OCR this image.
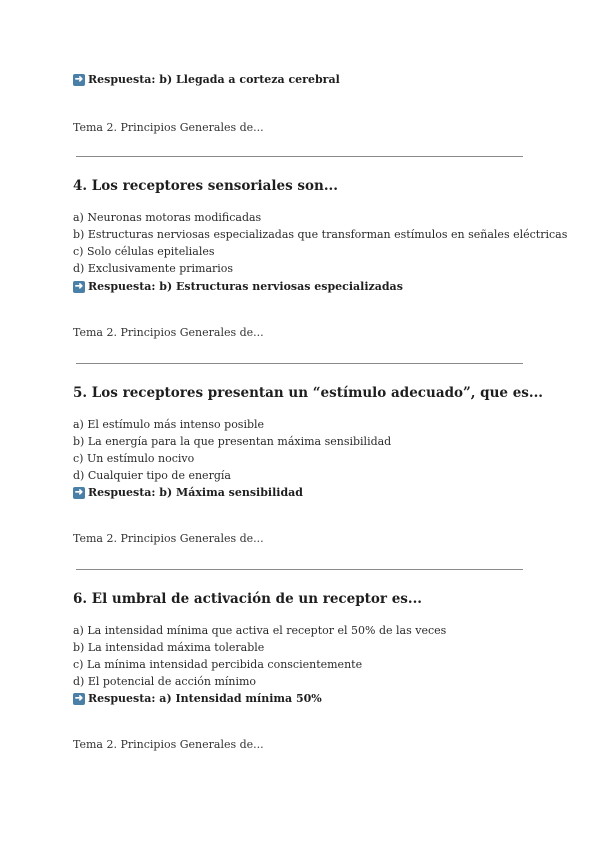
➜ Respuesta: b) Llegada a corteza cerebral
Tema 2. Principios Generales de...
4. Los receptores sensoriales son...
a) Neuronas motoras modificadas
b) Estructuras nerviosas especializadas que transforman estímulos en señales eléctricas
c) Solo células epiteliales
d) Exclusivamente primarios
➜ Respuesta: b) Estructuras nerviosas especializadas
Tema 2. Principios Generales de...
5. Los receptores presentan un “estímulo adecuado”, que es...
a) El estímulo más intenso posible
b) La energía para la que presentan máxima sensibilidad
c) Un estímulo nocivo
d) Cualquier tipo de energía
➜ Respuesta: b) Máxima sensibilidad
Tema 2. Principios Generales de...
6. El umbral de activación de un receptor es...
a) La intensidad mínima que activa el receptor el 50% de las veces
b) La intensidad máxima tolerable
c) La mínima intensidad percibida conscientemente
d) El potencial de acción mínimo
➜ Respuesta: a) Intensidad mínima 50%
Tema 2. Principios Generales de...
